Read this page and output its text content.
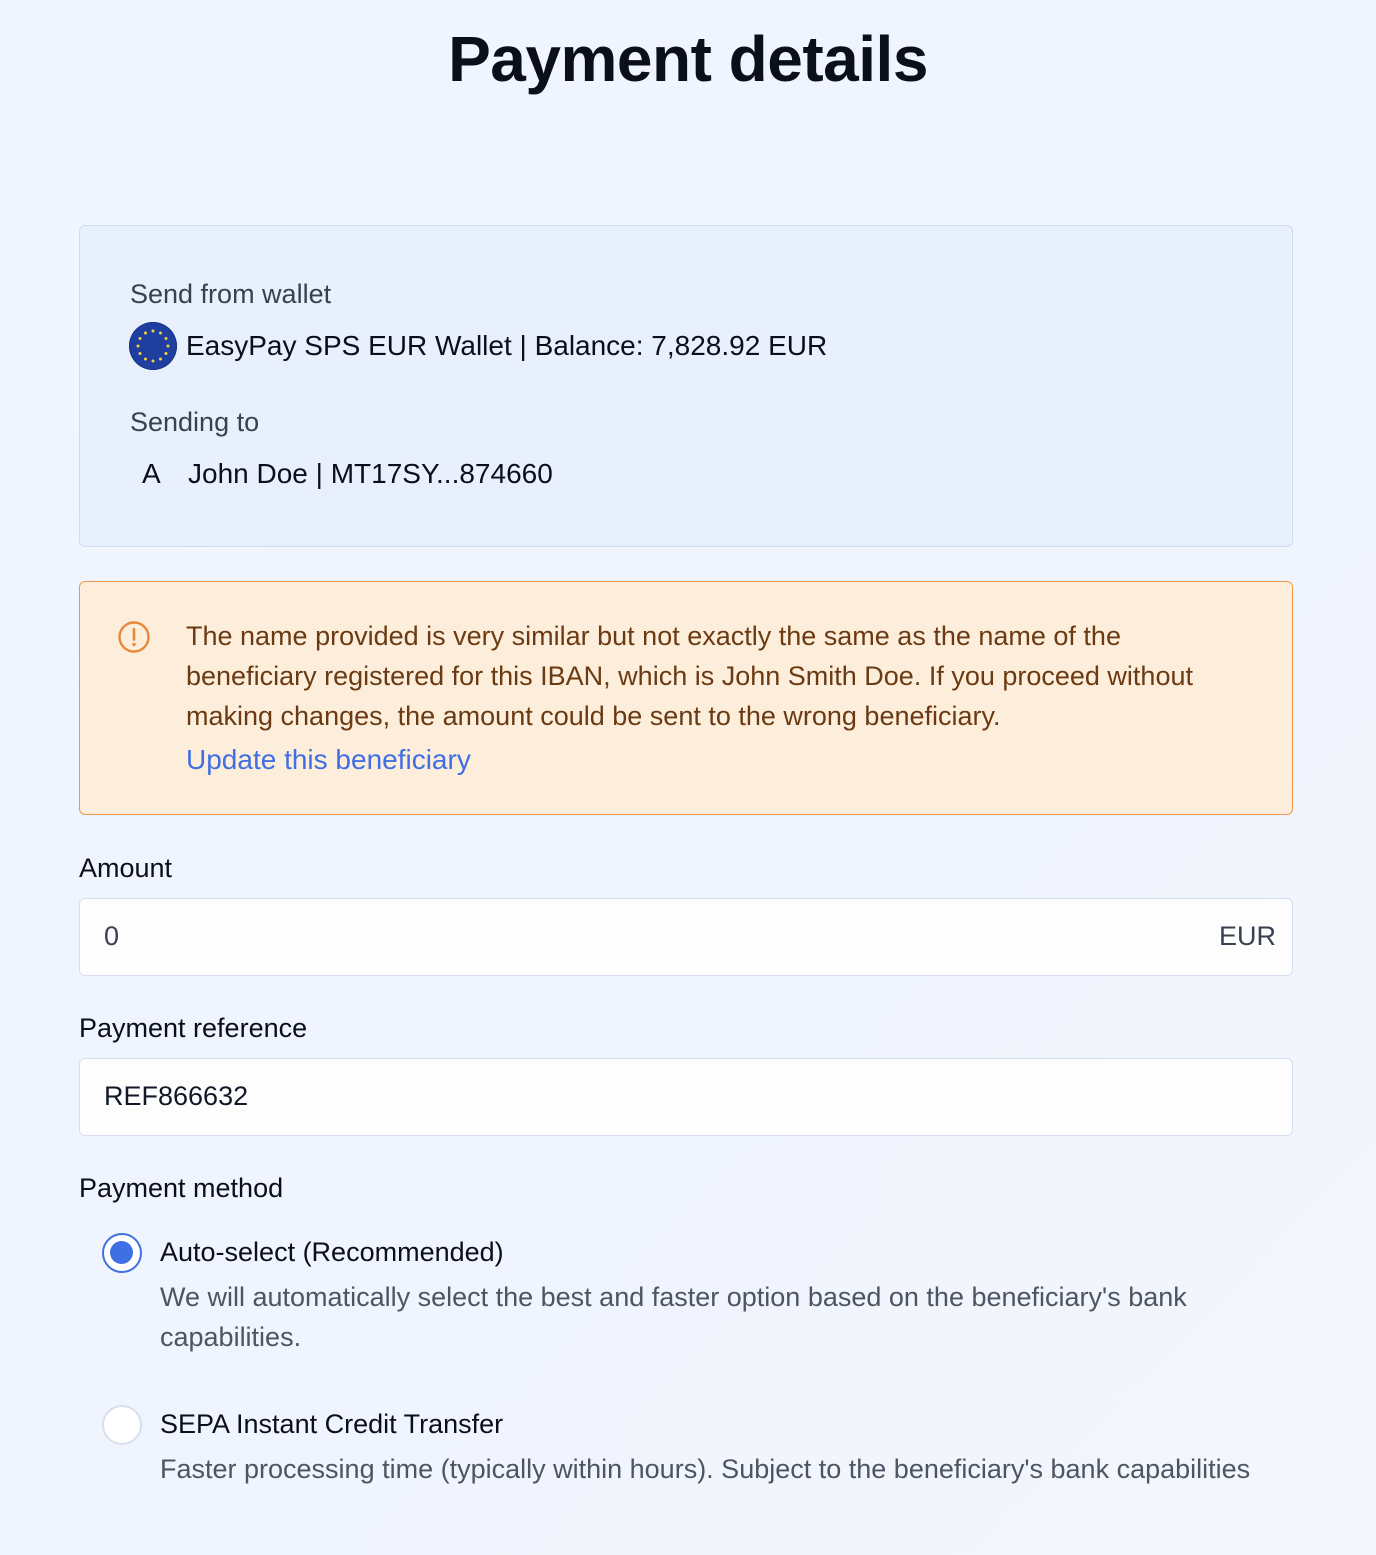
Payment details
Send from wallet
EasyPay SPS EUR Wallet | Balance: 7,828.92 EUR
Sending to
A John Doe | MT17SY...874660
The name provided is very similar but not exactly the same as the name of the beneficiary registered for this IBAN, which is John Smith Doe. If you proceed without making changes, the amount could be sent to the wrong beneficiary.
Update this beneficiary
Amount
0
EUR
Payment reference
REF866632
Payment method
Auto-select (Recommended)
We will automatically select the best and faster option based on the beneficiary's bank capabilities.
SEPA Instant Credit Transfer
Faster processing time (typically within hours). Subject to the beneficiary's bank capabilities
